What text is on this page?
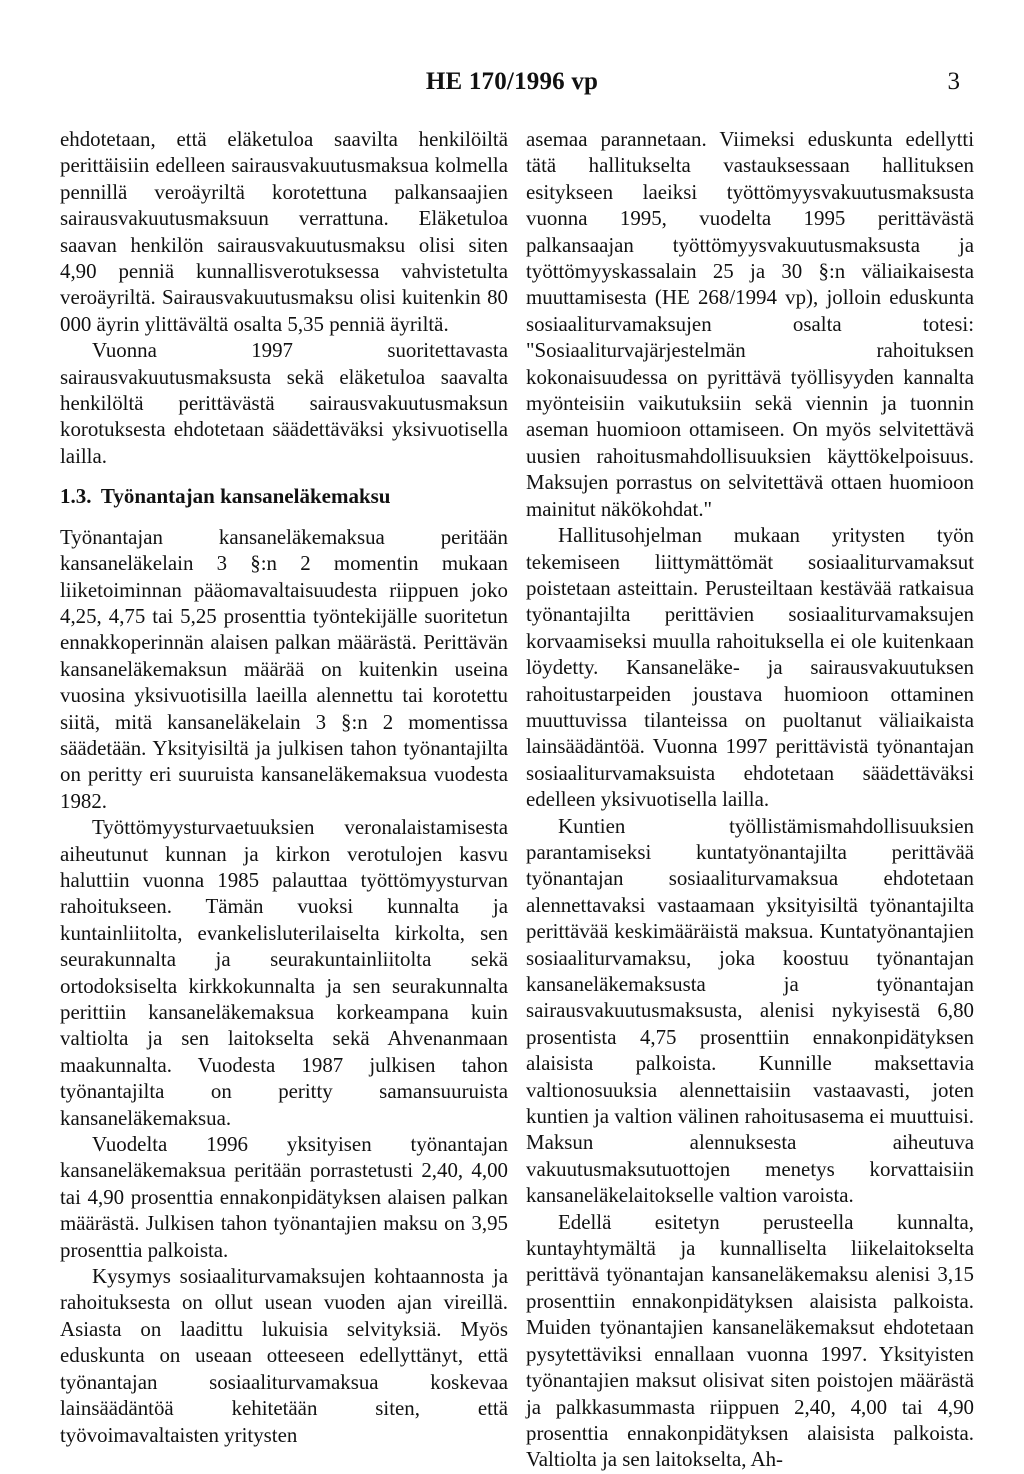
HE 170/1996 vp	3

ehdotetaan, että eläketuloa saavilta henkilöiltä perittäisiin edelleen sairausvakuutusmaksua kolmella pennillä veroäyriltä korotettuna palkansaajien sairausvakuutusmaksuun verrattuna. Eläketuloa saavan henkilön sairausvakuutusmaksu olisi siten 4,90 penniä kunnallisverotuksessa vahvistetulta veroäyriltä. Sairausvakuutusmaksu olisi kuitenkin 80 000 äyrin ylittävältä osalta 5,35 penniä äyriltä.

Vuonna 1997 suoritettavasta sairausvakuutusmaksusta sekä eläketuloa saavalta henkilöltä perittävästä sairausvakuutusmaksun korotuksesta ehdotetaan säädettäväksi yksivuotisella lailla.

1.3. Työnantajan kansaneläkemaksu

Työnantajan kansaneläkemaksua peritään kansaneläkelain 3 §:n 2 momentin mukaan liiketoiminnan pääomavaltaisuudesta riippuen joko 4,25, 4,75 tai 5,25 prosenttia työntekijälle suoritetun ennakkoperinnän alaisen palkan määrästä. Perittävän kansaneläkemaksun määrää on kuitenkin useina vuosina yksivuotisilla laeilla alennettu tai korotettu siitä, mitä kansaneläkelain 3 §:n 2 momentissa säädetään. Yksityisiltä ja julkisen tahon työnantajilta on peritty eri suuruista kansaneläkemaksua vuodesta 1982.

Työttömyysturvaetuuksien veronalaistamisesta aiheutunut kunnan ja kirkon verotulojen kasvu haluttiin vuonna 1985 palauttaa työttömyysturvan rahoitukseen. Tämän vuoksi kunnalta ja kuntainliitolta, evankelisluterilaiselta kirkolta, sen seurakunnalta ja seurakuntainliitolta sekä ortodoksiselta kirkkokunnalta ja sen seurakunnalta perittiin kansaneläkemaksua korkeampana kuin valtiolta ja sen laitokselta sekä Ahvenanmaan maakunnalta. Vuodesta 1987 julkisen tahon työnantajilta on peritty samansuuruista kansaneläkemaksua.

Vuodelta 1996 yksityisen työnantajan kansaneläkemaksua peritään porrastetusti 2,40, 4,00 tai 4,90 prosenttia ennakonpidätyksen alaisen palkan määrästä. Julkisen tahon työnantajien maksu on 3,95 prosenttia palkoista.

Kysymys sosiaaliturvamaksujen kohtaannosta ja rahoituksesta on ollut usean vuoden ajan vireillä. Asiasta on laadittu lukuisia selvityksiä. Myös eduskunta on useaan otteeseen edellyttänyt, että työnantajan sosiaaliturvamaksua koskevaa lainsäädäntöä kehitetään siten, että työvoimavaltaisten yritysten

asemaa parannetaan. Viimeksi eduskunta edellytti tätä hallitukselta vastauksessaan hallituksen esitykseen laeiksi työttömyysvakuutusmaksusta vuonna 1995, vuodelta 1995 perittävästä palkansaajan työttömyysvakuutusmaksusta ja työttömyyskassalain 25 ja 30 §:n väliaikaisesta muuttamisesta (HE 268/1994 vp), jolloin eduskunta sosiaaliturvamaksujen osalta totesi: "Sosiaaliturvajärjestelmän rahoituksen kokonaisuudessa on pyrittävä työllisyyden kannalta myönteisiin vaikutuksiin sekä viennin ja tuonnin aseman huomioon ottamiseen. On myös selvitettävä uusien rahoitusmahdollisuuksien käyttökelpoisuus. Maksujen porrastus on selvitettävä ottaen huomioon mainitut näkökohdat."

Hallitusohjelman mukaan yritysten työn tekemiseen liittymättömät sosiaaliturvamaksut poistetaan asteittain. Perusteiltaan kestävää ratkaisua työnantajilta perittävien sosiaaliturvamaksujen korvaamiseksi muulla rahoituksella ei ole kuitenkaan löydetty. Kansaneläke- ja sairausvakuutuksen rahoitustarpeiden joustava huomioon ottaminen muuttuvissa tilanteissa on puoltanut väliaikaista lainsäädäntöä. Vuonna 1997 perittävistä työnantajan sosiaaliturvamaksuista ehdotetaan säädettäväksi edelleen yksivuotisella lailla.

Kuntien työllistämismahdollisuuksien parantamiseksi kuntatyönantajilta perittävää työnantajan sosiaaliturvamaksua ehdotetaan alennettavaksi vastaamaan yksityisiltä työnantajilta perittävää keskimääräistä maksua. Kuntatyönantajien sosiaaliturvamaksu, joka koostuu työnantajan kansaneläkemaksusta ja työnantajan sairausvakuutusmaksusta, alenisi nykyisestä 6,80 prosentista 4,75 prosenttiin ennakonpidätyksen alaisista palkoista. Kunnille maksettavia valtionosuuksia alennettaisiin vastaavasti, joten kuntien ja valtion välinen rahoitusasema ei muuttuisi. Maksun alennuksesta aiheutuva vakuutusmaksutuottojen menetys korvattaisiin kansaneläkelaitokselle valtion varoista.

Edellä esitetyn perusteella kunnalta, kuntayhtymältä ja kunnalliselta liikelaitokselta perittävä työnantajan kansaneläkemaksu alenisi 3,15 prosenttiin ennakonpidätyksen alaisista palkoista. Muiden työnantajien kansaneläkemaksut ehdotetaan pysytettäviksi ennallaan vuonna 1997. Yksityisten työnantajien maksut olisivat siten poistojen määrästä ja palkkasummasta riippuen 2,40, 4,00 tai 4,90 prosenttia ennakonpidätyksen alaisista palkoista. Valtiolta ja sen laitokselta, Ah-
